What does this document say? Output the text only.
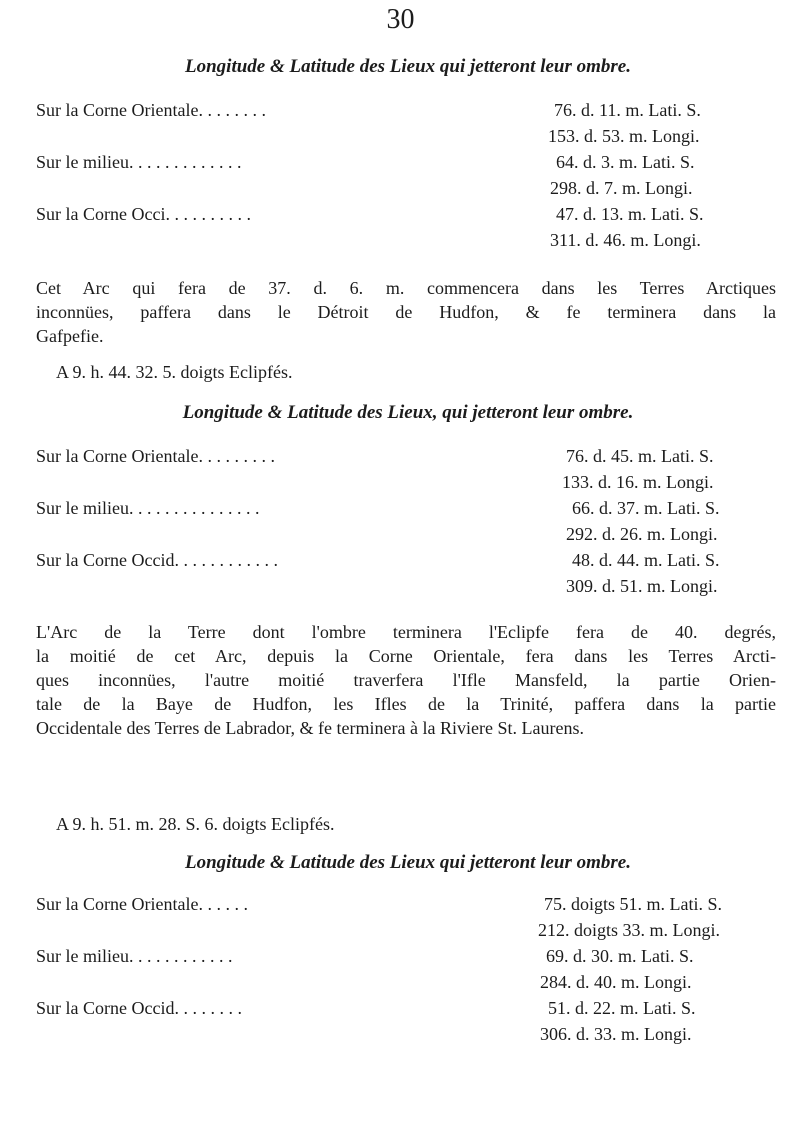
30
Longitude & Latitude des Lieux qui jetteront leur ombre.
Sur la Corne Orientale. . . . . . . .	76. d. 11. m. Lati. S.
153. d. 53. m. Longi.
Sur le milieu. . . . . . . . . . . . .	64. d. 3. m. Lati. S.
298. d. 7. m. Longi.
Sur la Corne Occi. . . . . . . . . .	47. d. 13. m. Lati. S.
311. d. 46. m. Longi.
Cet Arc qui fera de 37. d. 6. m. commencera dans les Terres Arctiques
inconnües, paffera dans le Détroit de Hudfon, & fe terminera dans la
Gafpefie.
A 9. h. 44. 32. 5. doigts Eclipfés.
Longitude & Latitude des Lieux, qui jetteront leur ombre.
Sur la Corne Orientale. . . . . . . . .	76. d. 45. m. Lati. S.
133. d. 16. m. Longi.
Sur le milieu. . . . . . . . . . . . . . .	66. d. 37. m. Lati. S.
292. d. 26. m. Longi.
Sur la Corne Occid. . . . . . . . . . . .	48. d. 44. m. Lati. S.
309. d. 51. m. Longi.
L'Arc de la Terre dont l'ombre terminera l'Eclipfe fera de 40. degrés,
la moitié de cet Arc, depuis la Corne Orientale, fera dans les Terres Arcti-
ques inconnües, l'autre moitié traverfera l'Ifle Mansfeld, la partie Orien-
tale de la Baye de Hudfon, les Ifles de la Trinité, paffera dans la partie
Occidentale des Terres de Labrador, & fe terminera à la Riviere St. Laurens.
A 9. h. 51. m. 28. S. 6. doigts Eclipfés.
Longitude & Latitude des Lieux qui jetteront leur ombre.
Sur la Corne Orientale. . . . . .	75. doigts 51. m. Lati. S.
212. doigts 33. m. Longi.
Sur le milieu. . . . . . . . . . . .	69. d. 30. m. Lati. S.
284. d. 40. m. Longi.
Sur la Corne Occid. . . . . . . .	51. d. 22. m. Lati. S.
306. d. 33. m. Longi.
